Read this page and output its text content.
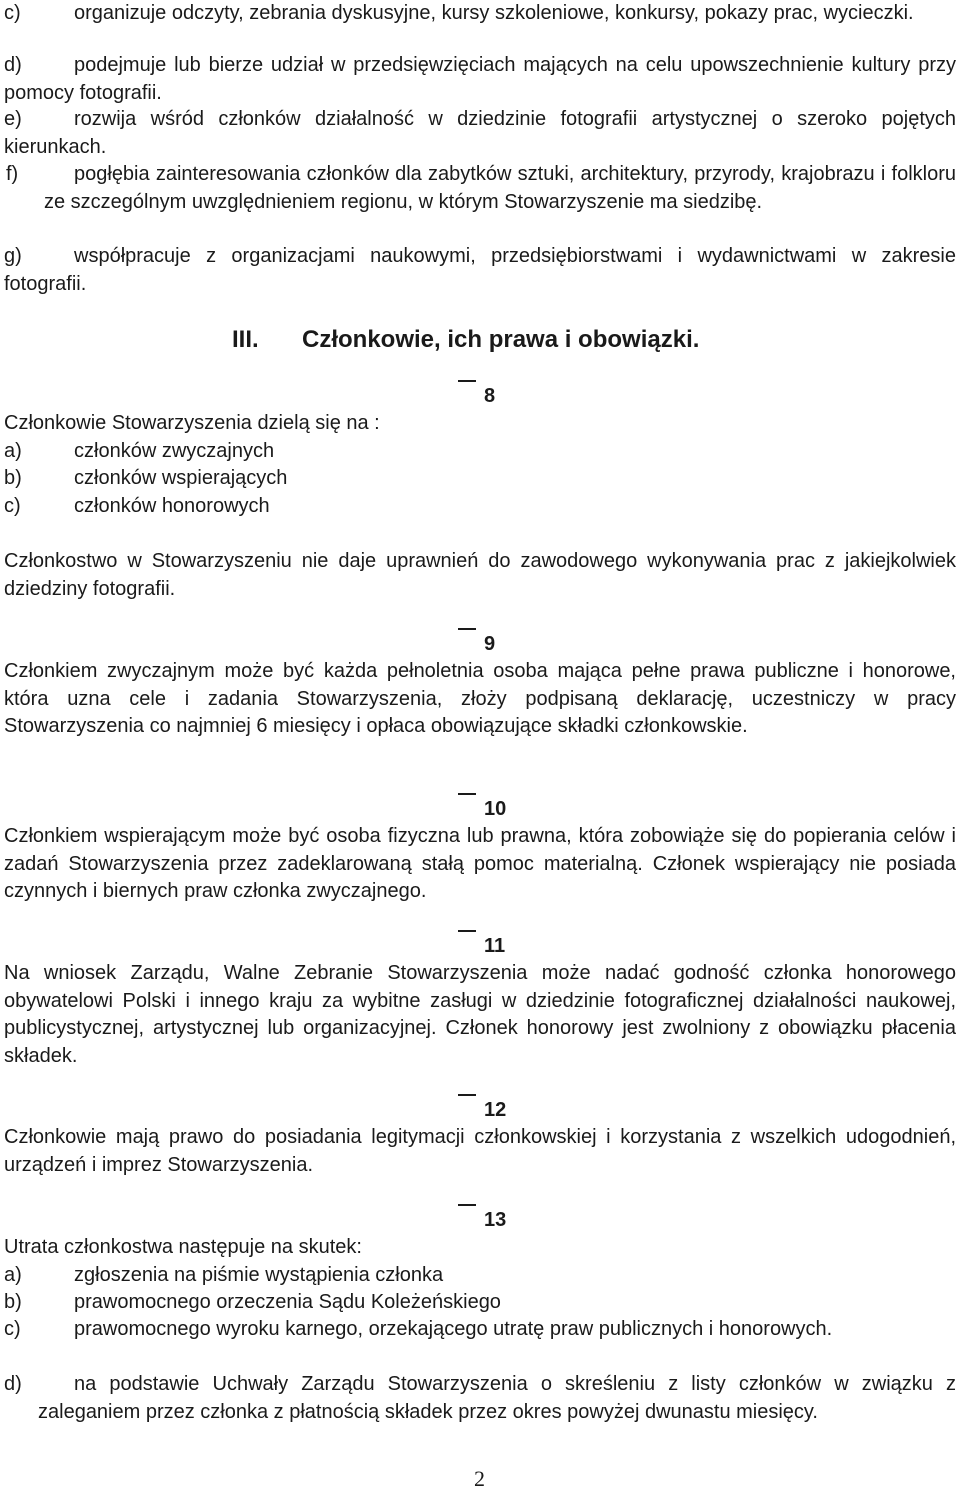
c)	organizuje odczyty, zebrania dyskusyjne, kursy szkoleniowe, konkursy, pokazy prac, wycieczki.
d)	podejmuje lub bierze udział w przedsięwzięciach mających na celu upowszechnienie kultury przy pomocy fotografii.
e)	rozwija wśród członków działalność w dziedzinie fotografii artystycznej o szeroko pojętych kierunkach.
f)	pogłębia zainteresowania członków dla zabytków sztuki, architektury, przyrody, krajobrazu i folkloru ze szczególnym uwzględnieniem regionu, w którym Stowarzyszenie ma siedzibę.
g)	współpracuje z organizacjami naukowymi, przedsiębiorstwami i wydawnictwami w zakresie fotografii.
III. Członkowie, ich prawa i obowiązki.
8
Członkowie Stowarzyszenia dzielą się na :
a)	członków zwyczajnych
b)	członków wspierających
c)	członków honorowych
Członkostwo w Stowarzyszeniu nie daje uprawnień do zawodowego wykonywania prac z jakiejkolwiek dziedziny fotografii.
9
Członkiem zwyczajnym może być każda pełnoletnia osoba mająca pełne prawa publiczne i honorowe, która uzna cele i zadania Stowarzyszenia, złoży podpisaną deklarację, uczestniczy w pracy Stowarzyszenia co najmniej 6 miesięcy i opłaca obowiązujące składki członkowskie.
10
Członkiem wspierającym może być osoba fizyczna lub prawna, która zobowiąże się do popierania celów i zadań Stowarzyszenia przez zadeklarowaną stałą pomoc materialną. Członek wspierający nie posiada czynnych i biernych praw członka zwyczajnego.
11
Na wniosek Zarządu, Walne Zebranie Stowarzyszenia może nadać godność członka honorowego obywatelowi Polski i innego kraju za wybitne zasługi w dziedzinie fotograficznej działalności naukowej, publicystycznej, artystycznej lub organizacyjnej. Członek honorowy jest zwolniony z obowiązku płacenia składek.
12
Członkowie mają prawo do posiadania legitymacji członkowskiej i korzystania z wszelkich udogodnień, urządzeń i imprez Stowarzyszenia.
13
Utrata członkostwa następuje na skutek:
a)	zgłoszenia na piśmie wystąpienia członka
b)	prawomocnego orzeczenia Sądu Koleżeńskiego
c)	prawomocnego wyroku karnego, orzekającego utratę praw publicznych i honorowych.
d)	na podstawie Uchwały Zarządu Stowarzyszenia o skreśleniu z listy członków w związku z zaleganiem przez członka z płatnością składek przez okres powyżej dwunastu miesięcy.
2
